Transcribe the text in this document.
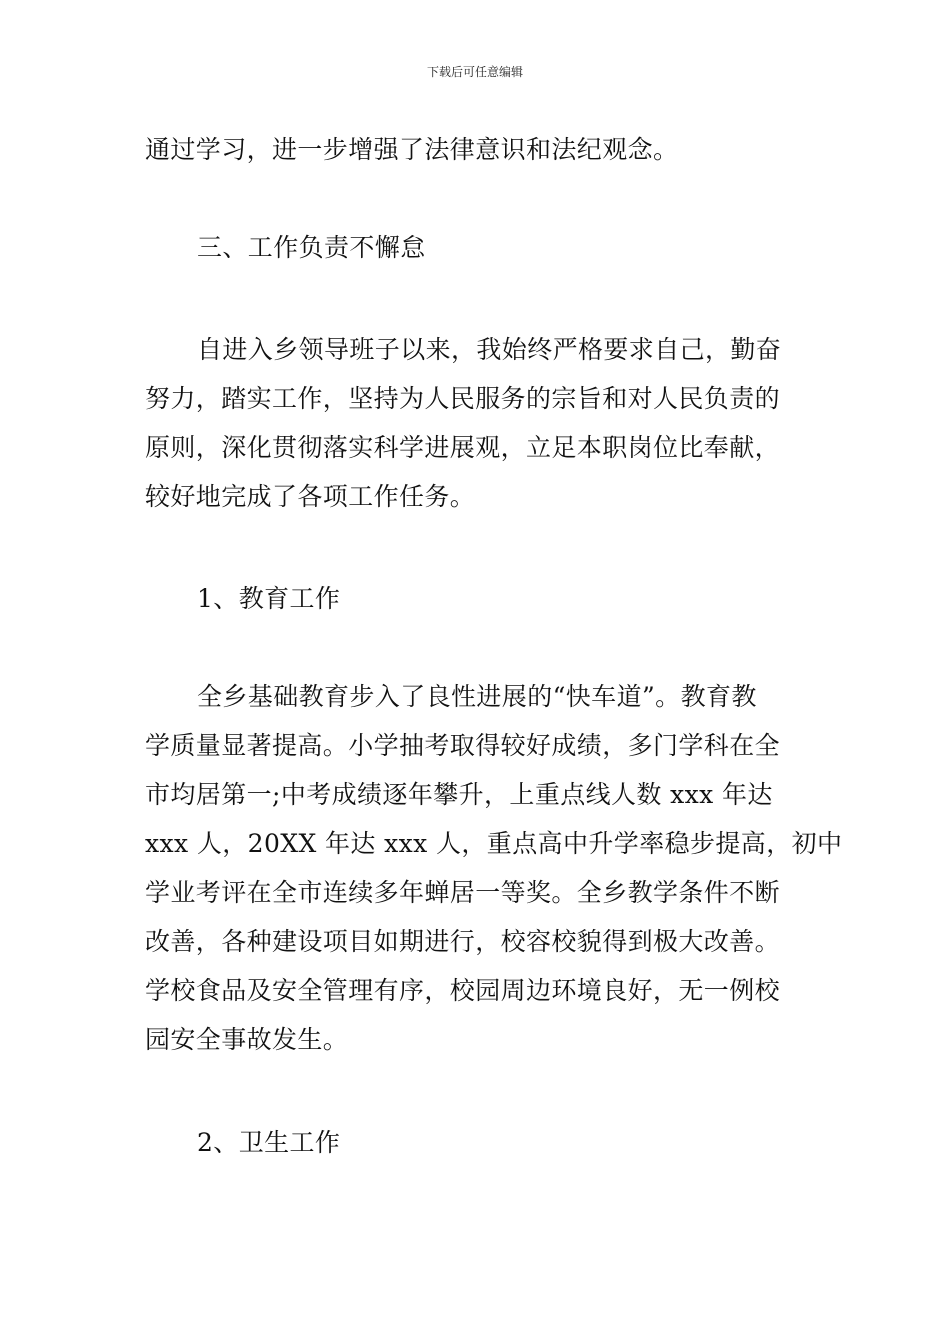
下载后可任意编辑
通过学习，进一步增强了法律意识和法纪观念。
三、工作负责不懈怠
自进入乡领导班子以来，我始终严格要求自己，勤奋
努力，踏实工作，坚持为人民服务的宗旨和对人民负责的
原则，深化贯彻落实科学进展观，立足本职岗位比奉献，
较好地完成了各项工作任务。
1、教育工作
全乡基础教育步入了良性进展的“快车道”。教育教
学质量显著提高。小学抽考取得较好成绩，多门学科在全
市均居第一;中考成绩逐年攀升，上重点线人数 xxx 年达
xxx 人，20XX 年达 xxx 人，重点高中升学率稳步提高，初中
学业考评在全市连续多年蝉居一等奖。全乡教学条件不断
改善，各种建设项目如期进行，校容校貌得到极大改善。
学校食品及安全管理有序，校园周边环境良好，无一例校
园安全事故发生。
2、卫生工作
